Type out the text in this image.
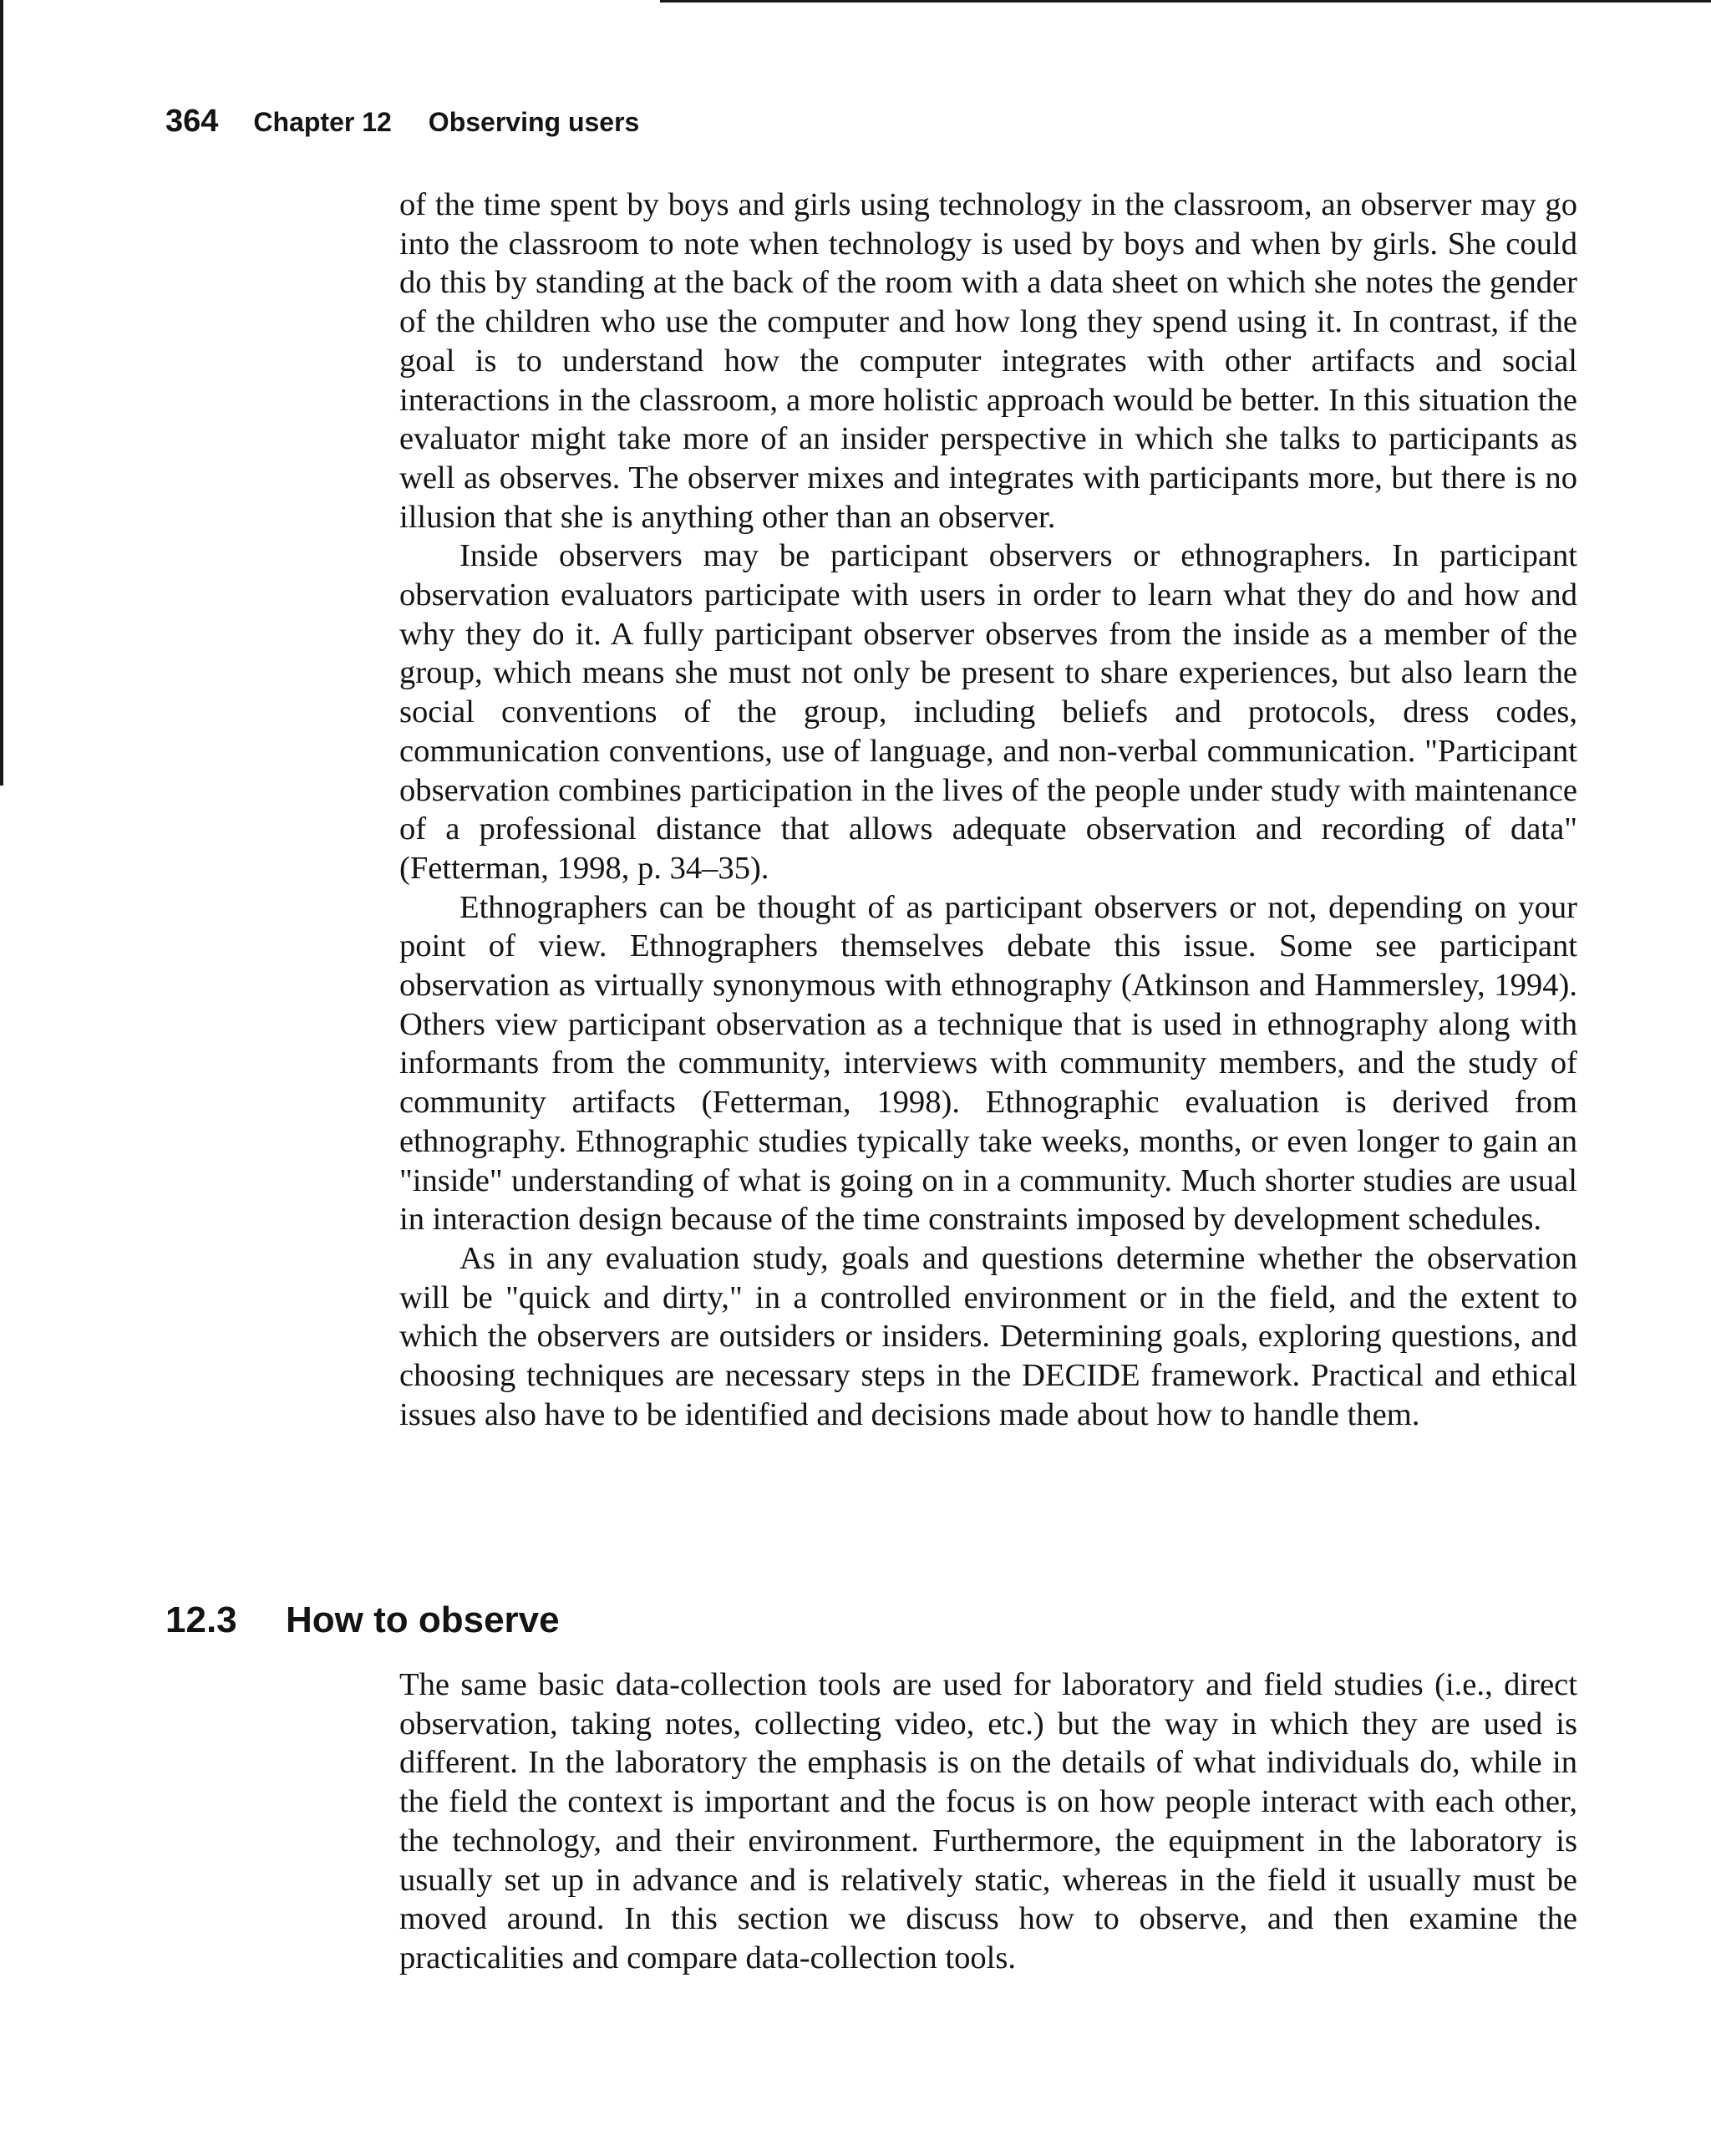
364 Chapter 12 Observing users

of the time spent by boys and girls using technology in the classroom, an observer may go into the classroom to note when technology is used by boys and when by girls. She could do this by standing at the back of the room with a data sheet on which she notes the gender of the children who use the computer and how long they spend using it. In contrast, if the goal is to understand how the computer integrates with other artifacts and social interactions in the classroom, a more holistic approach would be better. In this situation the evaluator might take more of an insider perspective in which she talks to participants as well as observes. The observer mixes and integrates with participants more, but there is no illusion that she is anything other than an observer.

Inside observers may be participant observers or ethnographers. In participant observation evaluators participate with users in order to learn what they do and how and why they do it. A fully participant observer observes from the inside as a member of the group, which means she must not only be present to share experiences, but also learn the social conventions of the group, including beliefs and protocols, dress codes, communication conventions, use of language, and non-verbal communication. "Participant observation combines participation in the lives of the people under study with maintenance of a professional distance that allows adequate observation and recording of data" (Fetterman, 1998, p. 34–35).

Ethnographers can be thought of as participant observers or not, depending on your point of view. Ethnographers themselves debate this issue. Some see participant observation as virtually synonymous with ethnography (Atkinson and Hammersley, 1994). Others view participant observation as a technique that is used in ethnography along with informants from the community, interviews with community members, and the study of community artifacts (Fetterman, 1998). Ethnographic evaluation is derived from ethnography. Ethnographic studies typically take weeks, months, or even longer to gain an "inside" understanding of what is going on in a community. Much shorter studies are usual in interaction design because of the time constraints imposed by development schedules.

As in any evaluation study, goals and questions determine whether the observation will be "quick and dirty," in a controlled environment or in the field, and the extent to which the observers are outsiders or insiders. Determining goals, exploring questions, and choosing techniques are necessary steps in the DECIDE framework. Practical and ethical issues also have to be identified and decisions made about how to handle them.

12.3	How to observe

The same basic data-collection tools are used for laboratory and field studies (i.e., direct observation, taking notes, collecting video, etc.) but the way in which they are used is different. In the laboratory the emphasis is on the details of what individuals do, while in the field the context is important and the focus is on how people interact with each other, the technology, and their environment. Furthermore, the equipment in the laboratory is usually set up in advance and is relatively static, whereas in the field it usually must be moved around. In this section we discuss how to observe, and then examine the practicalities and compare data-collection tools.
